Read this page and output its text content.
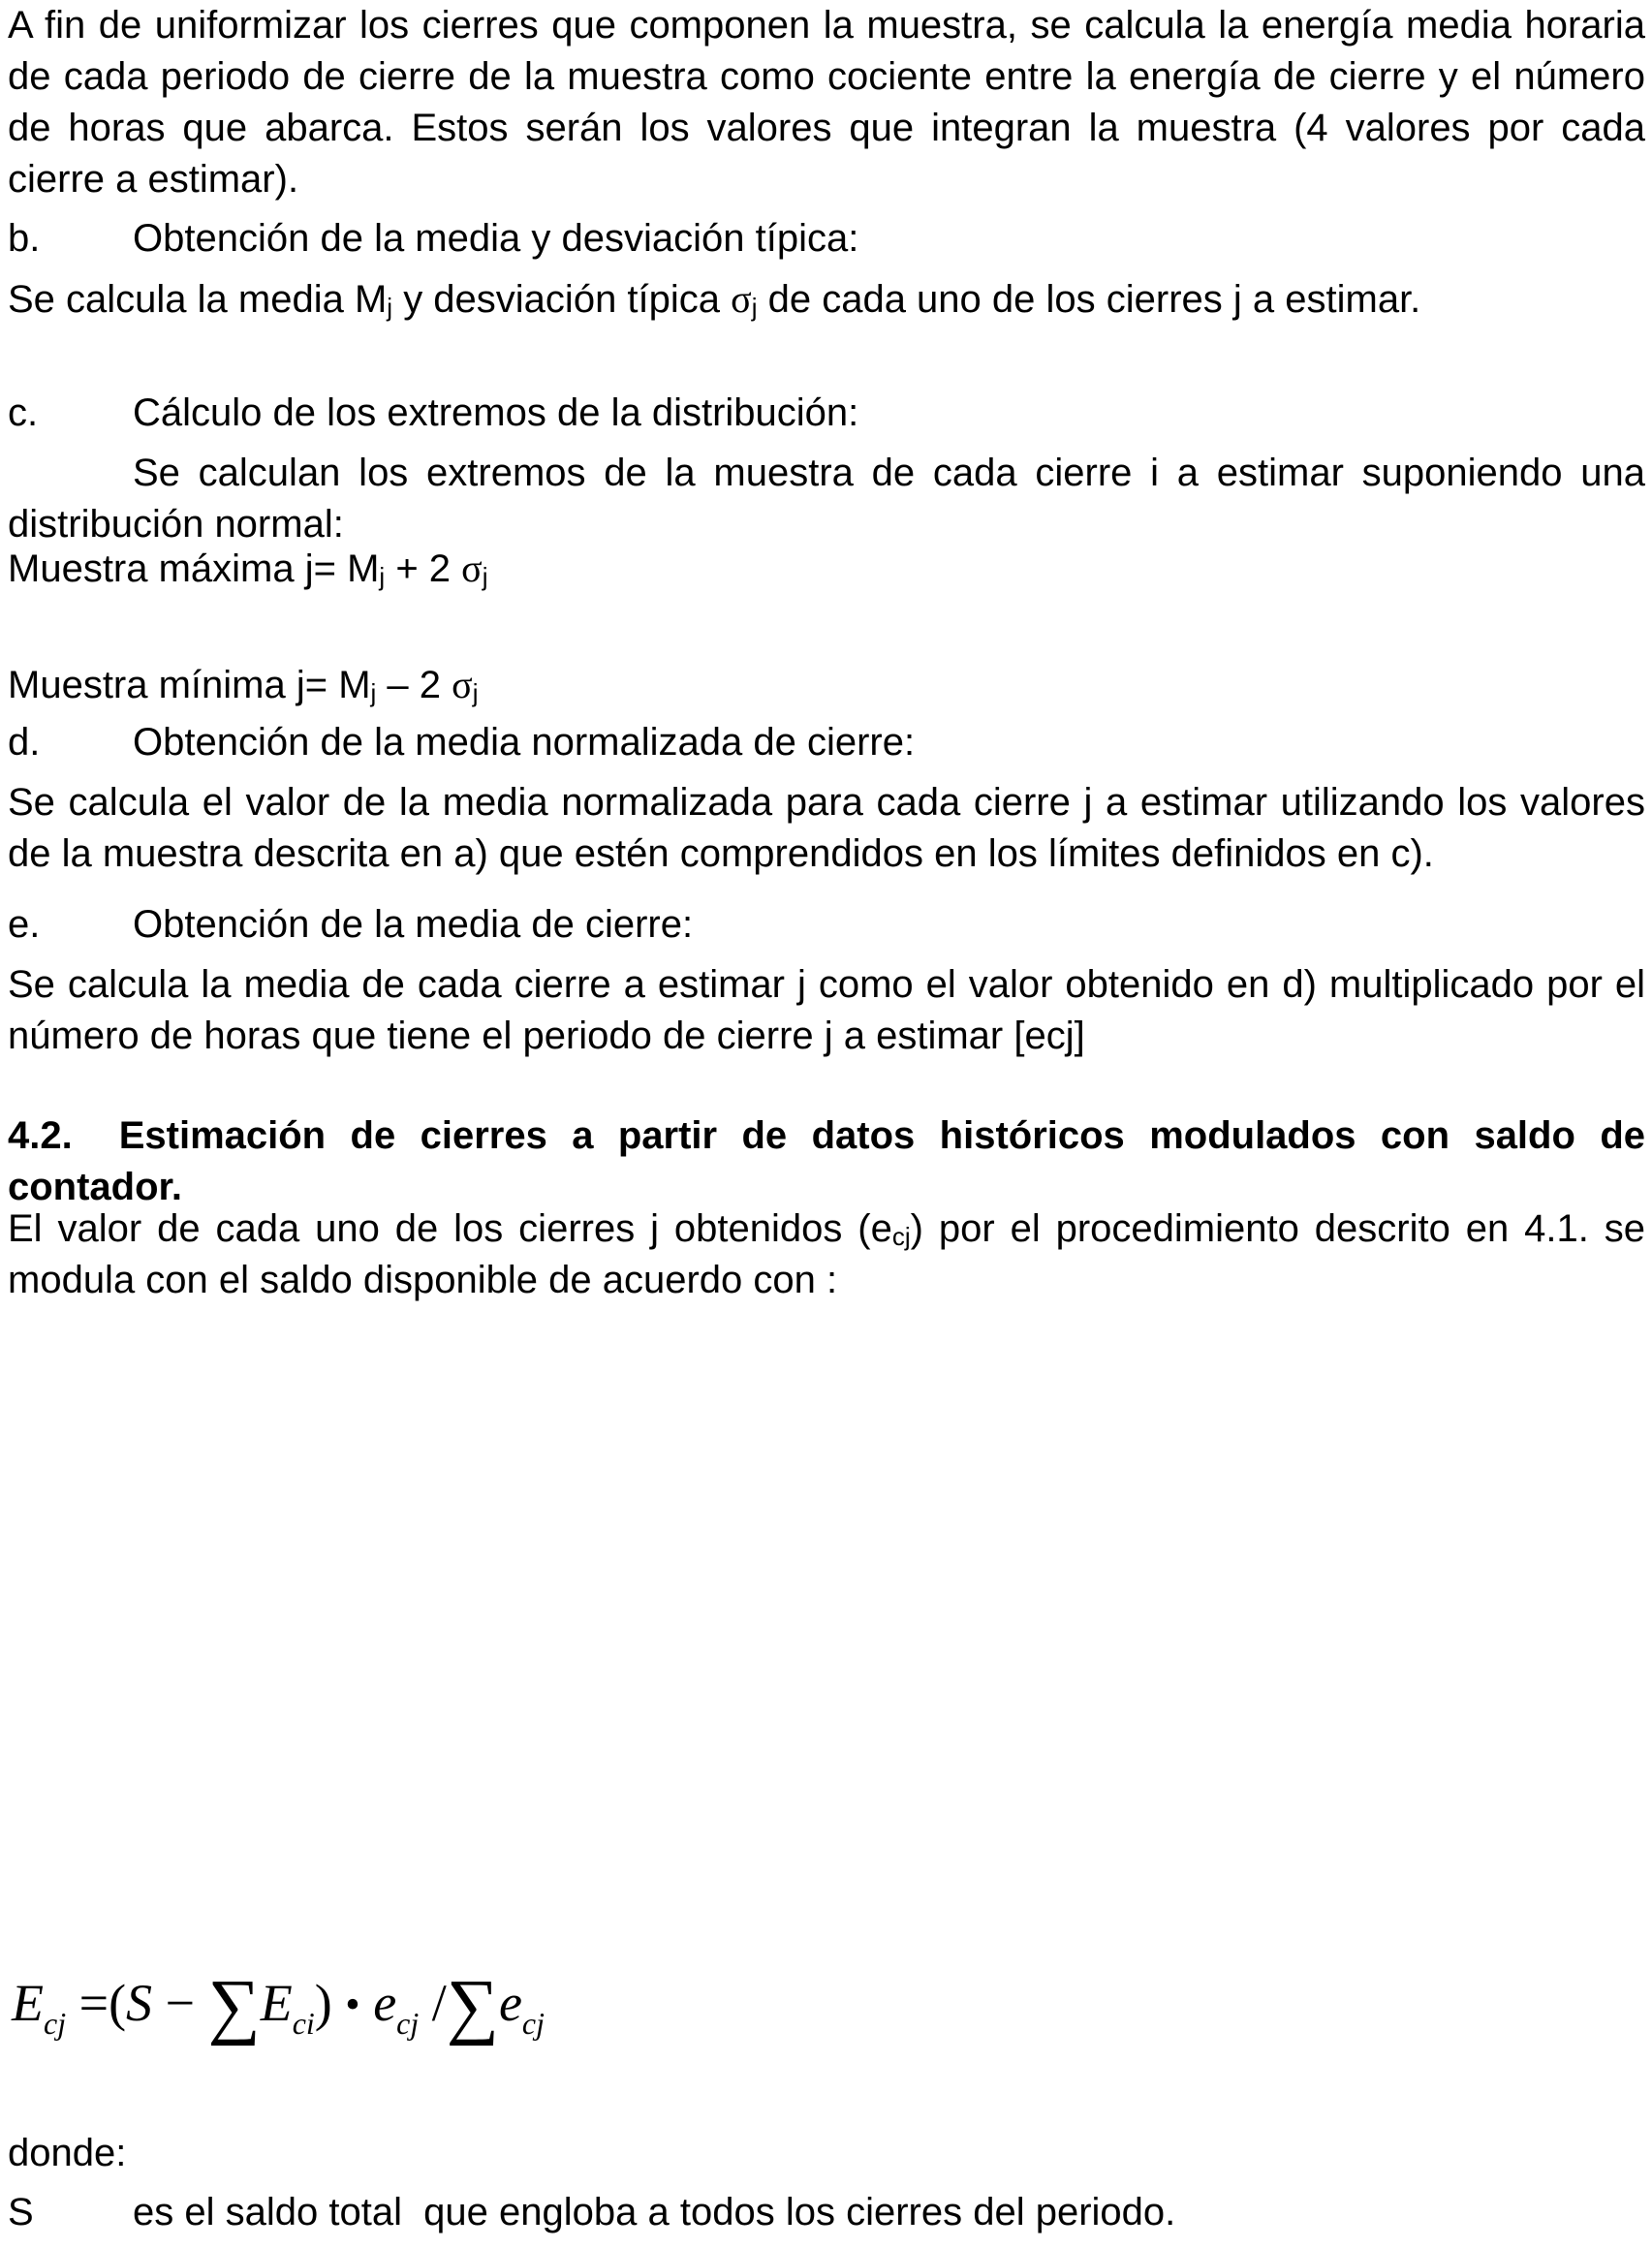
A fin de uniformizar los cierres que componen la muestra, se calcula la energía media horaria de cada periodo de cierre de la muestra como cociente entre la energía de cierre y el número de horas que abarca. Estos serán los valores que integran la muestra (4 valores por cada cierre a estimar).

b. Obtención de la media y desviación típica:

Se calcula la media $M_j$ y desviación típica $\sigma_j$ de cada uno de los cierres j a estimar.

c. Cálculo de los extremos de la distribución:

Se calculan los extremos de la muestra de cada cierre i a estimar suponiendo una distribución normal:

Muestra máxima $j= M_j + 2$ $\sigma_j$

Muestra mínima $j= M_j - 2$ $\sigma_j$

d. Obtención de la media normalizada de cierre:

Se calcula el valor de la media normalizada para cada cierre j a estimar utilizando los valores de la muestra descrita en a) que estén comprendidos en los límites definidos en c).

e. Obtención de la media de cierre:

Se calcula la media de cada cierre a estimar j como el valor obtenido en d) multiplicado por el número de horas que tiene el periodo de cierre j a estimar [ecj]

4.2. Estimación de cierres a partir de datos históricos modulados con saldo de contador.

El valor de cada uno de los cierres j obtenidos $(e_{cj})$ por el procedimiento descrito en 4.1. se modula con el saldo disponible de acuerdo con :

$E_{cj} =(S - \sum E_{ci})$ • $e_{cj}$ $/\sum e_{cj}$

donde:

S	es el saldo total  que engloba a todos los cierres del periodo.
